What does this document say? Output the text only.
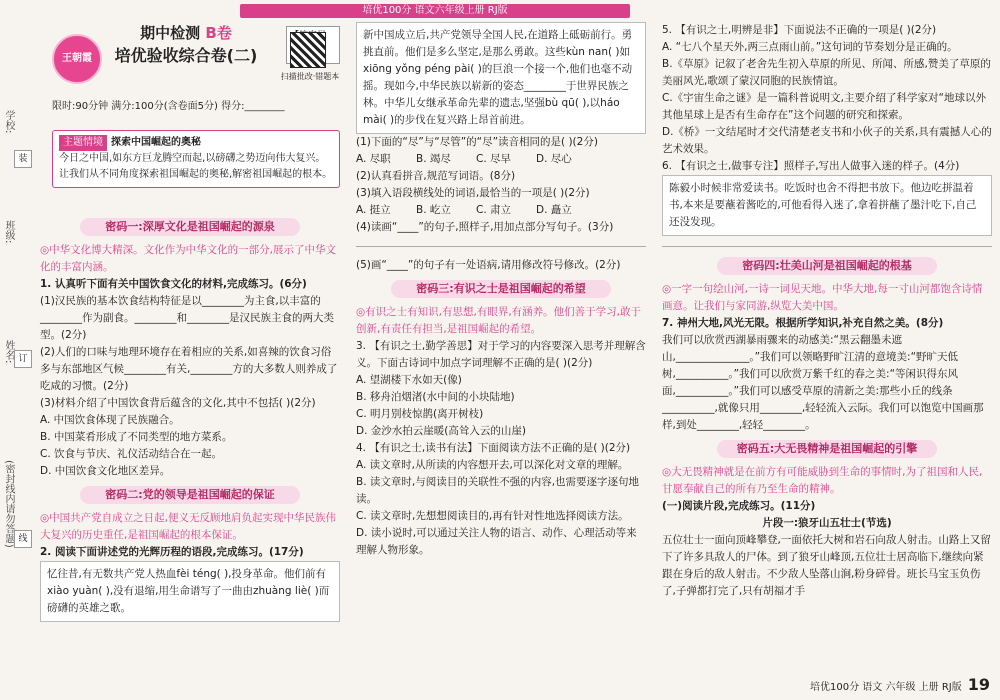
培优100分 语文六年级上册 RJ版
学校:
班级:
姓名:
(密封线内请勿答题)
装
订
线
王朝霞
期中检测 B卷
培优验收综合卷(二)
扫描批改·错题本
限时:90分钟 满分:100分(含卷面5分) 得分:________
主题情境 探索中国崛起的奥秘

今日之中国,如东方巨龙腾空而起,以磅礴之势迈向伟大复兴。让我们从不同角度探索祖国崛起的奥秘,解密祖国崛起的根本。

密码一:深厚文化是祖国崛起的源泉

◎中华文化博大精深。文化作为中华文化的一部分,展示了中华文化的丰富内涵。

1. 认真听下面有关中国饮食文化的材料,完成练习。(6分)

(1)汉民族的基本饮食结构特征是以________为主食,以丰富的________作为副食。________和________是汉民族主食的两大类型。(2分)

(2)人们的口味与地理环境存在着相应的关系,如喜辣的饮食习俗多与东部地区气候________有关,________方的大多数人则养成了吃咸的习惯。(2分)

(3)材料介绍了中国饮食背后蕴含的文化,其中不包括( )(2分)

A. 中国饮食体现了民族融合。

B. 中国菜肴形成了不同类型的地方菜系。

C. 饮食与节庆、礼仪活动结合在一起。

D. 中国饮食文化地区差异。

密码二:党的领导是祖国崛起的保证

◎中国共产党自成立之日起,便义无反顾地肩负起实现中华民族伟大复兴的历史重任,是祖国崛起的根本保证。

2. 阅读下面讲述党的光辉历程的语段,完成练习。(17分)

忆往昔,有无数共产党人热血fèi téng( ),投身革命。他们前有xiào yuàn( ),没有退缩,用生命谱写了一曲由zhuàng liè( )而磅礴的英雄之歌。

新中国成立后,共产党领导全国人民,在道路上砥砺前行。勇挑直前。他们是多么坚定,是那么勇敢。这些kùn nan( )如xiōng yǒng péng pài( )的巨浪一个接一个,他们也毫不动摇。现如今,中华民族以崭新的姿态________于世界民族之林。中华儿女继承革命先辈的遗志,坚强bù qū( ),以háo mài( )的步伐在复兴路上昂首前进。

(1)下面的“尽”与“尽管”的“尽”读音相同的是( )(2分)

A. 尽职 B. 竭尽 C. 尽早 D. 尽心

(2)认真看拼音,规范写词语。(8分)

(3)填入语段横线处的词语,最恰当的一项是( )(2分)

A. 挺立 B. 屹立 C. 肃立 D. 矗立

(4)读画“____”的句子,照样子,用加点部分写句子。(3分)

(5)画“____”的句子有一处语病,请用修改符号修改。(2分)

密码三:有识之士是祖国崛起的希望

◎有识之士有知识,有思想,有眼界,有涵养。他们善于学习,敢于创新,有责任有担当,是祖国崛起的希望。

3. 【有识之士,勤学善思】对于学习的内容要深入思考并理解含义。下面古诗词中加点字词理解不正确的是( )(2分)

A. 望湖楼下水如天(像)

B. 移舟泊烟渚(水中间的小块陆地)

C. 明月别枝惊鹊(离开树枝)

D. 金沙水拍云崖暖(高耸入云的山崖)

4. 【有识之士,读书有法】下面阅读方法不正确的是( )(2分)

A. 读文章时,从所读的内容想开去,可以深化对文章的理解。

B. 读文章时,与阅读目的关联性不强的内容,也需要逐字逐句地读。

C. 读文章时,先想想阅读目的,再有针对性地选择阅读方法。

D. 读小说时,可以通过关注人物的语言、动作、心理活动等来理解人物形象。

5. 【有识之士,明辨是非】下面说法不正确的一项是( )(2分)

A. “七八个星天外,两三点雨山前。”这句词的节奏划分是正确的。

B.《草原》记叙了老舍先生初入草原的所见、所闻、所感,赞美了草原的美丽风光,歌颂了蒙汉同胞的民族情谊。

C.《宇宙生命之谜》是一篇科普说明文,主要介绍了科学家对“地球以外其他星球上是否有生命存在”这个问题的研究和探索。

D.《桥》一文结尾时才交代清楚老支书和小伙子的关系,具有震撼人心的艺术效果。

6. 【有识之士,做事专注】照样子,写出人做事入迷的样子。(4分)

陈毅小时候非常爱读书。吃饭时也舍不得把书放下。他边吃拼温着书,本来是要蘸着酱吃的,可他看得入迷了,拿着拼蘸了墨汁吃下,自己还没发现。

密码四:壮美山河是祖国崛起的根基

◎一字一句绘山河,一诗一词见天地。中华大地,每一寸山河都饱含诗情画意。让我们与家同游,纵览大美中国。

7. 神州大地,风光无限。根据所学知识,补充自然之美。(8分)

我们可以欣赏西湖暴雨骤来的动感美:“黑云翻墨未遮山,______________。”我们可以领略野旷江清的意境美:“野旷天低树,__________。”我们可以欣赏万紫千红的春之美:“等闲识得东风面,__________。”我们可以感受草原的清新之美:那些小丘的线条__________,就像只用________,轻轻流入云际。我们可以饱览中国画那样,到处________,轻轻________。

密码五:大无畏精神是祖国崛起的引擎

◎大无畏精神就是在前方有可能威胁到生命的事情时,为了祖国和人民,甘愿奉献自己的所有乃至生命的精神。

(一)阅读片段,完成练习。(11分)

片段一:狼牙山五壮士(节选)

五位壮士一面向顶峰攀登,一面依托大树和岩石向敌人射击。山路上又留下了许多具敌人的尸体。到了狼牙山峰顶,五位壮士居高临下,继续向紧跟在身后的敌人射击。不少敌人坠落山涧,粉身碎骨。班长马宝玉负伤了,子弹都打完了,只有胡福才手

培优100分 语文 六年级 上册 RJ版 19
